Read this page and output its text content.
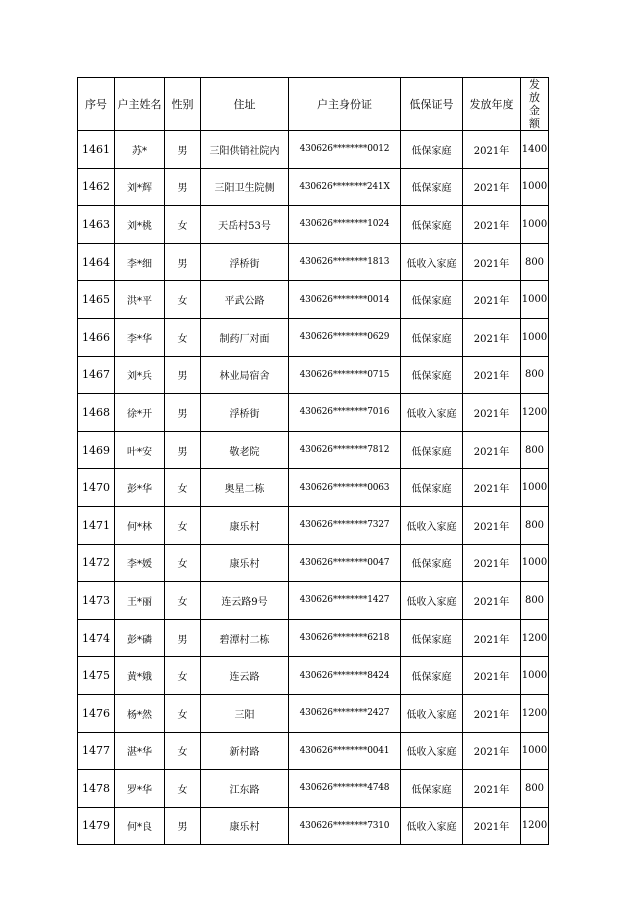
序号	户主姓名	性别	住址	户主身份证	低保证号	发放年度	发放金额
1461	苏*	男	三阳供销社院内	430626********0012	低保家庭	2021年	1400
1462	刘*辉	男	三阳卫生院侧	430626********241X	低保家庭	2021年	1000
1463	刘*桃	女	天岳村53号	430626********1024	低保家庭	2021年	1000
1464	李*细	男	浮桥街	430626********1813	低收入家庭	2021年	800
1465	洪*平	女	平武公路	430626********0014	低保家庭	2021年	1000
1466	李*华	女	制药厂对面	430626********0629	低保家庭	2021年	1000
1467	刘*兵	男	林业局宿舍	430626********0715	低保家庭	2021年	800
1468	徐*开	男	浮桥街	430626********7016	低收入家庭	2021年	1200
1469	叶*安	男	敬老院	430626********7812	低保家庭	2021年	800
1470	彭*华	女	奥星二栋	430626********0063	低保家庭	2021年	1000
1471	何*林	女	康乐村	430626********7327	低收入家庭	2021年	800
1472	李*媛	女	康乐村	430626********0047	低保家庭	2021年	1000
1473	王*丽	女	连云路9号	430626********1427	低收入家庭	2021年	800
1474	彭*磷	男	碧潭村二栋	430626********6218	低保家庭	2021年	1200
1475	黄*娥	女	连云路	430626********8424	低保家庭	2021年	1000
1476	杨*然	女	三阳	430626********2427	低收入家庭	2021年	1200
1477	湛*华	女	新村路	430626********0041	低收入家庭	2021年	1000
1478	罗*华	女	江东路	430626********4748	低保家庭	2021年	800
1479	何*良	男	康乐村	430626********7310	低收入家庭	2021年	1200
